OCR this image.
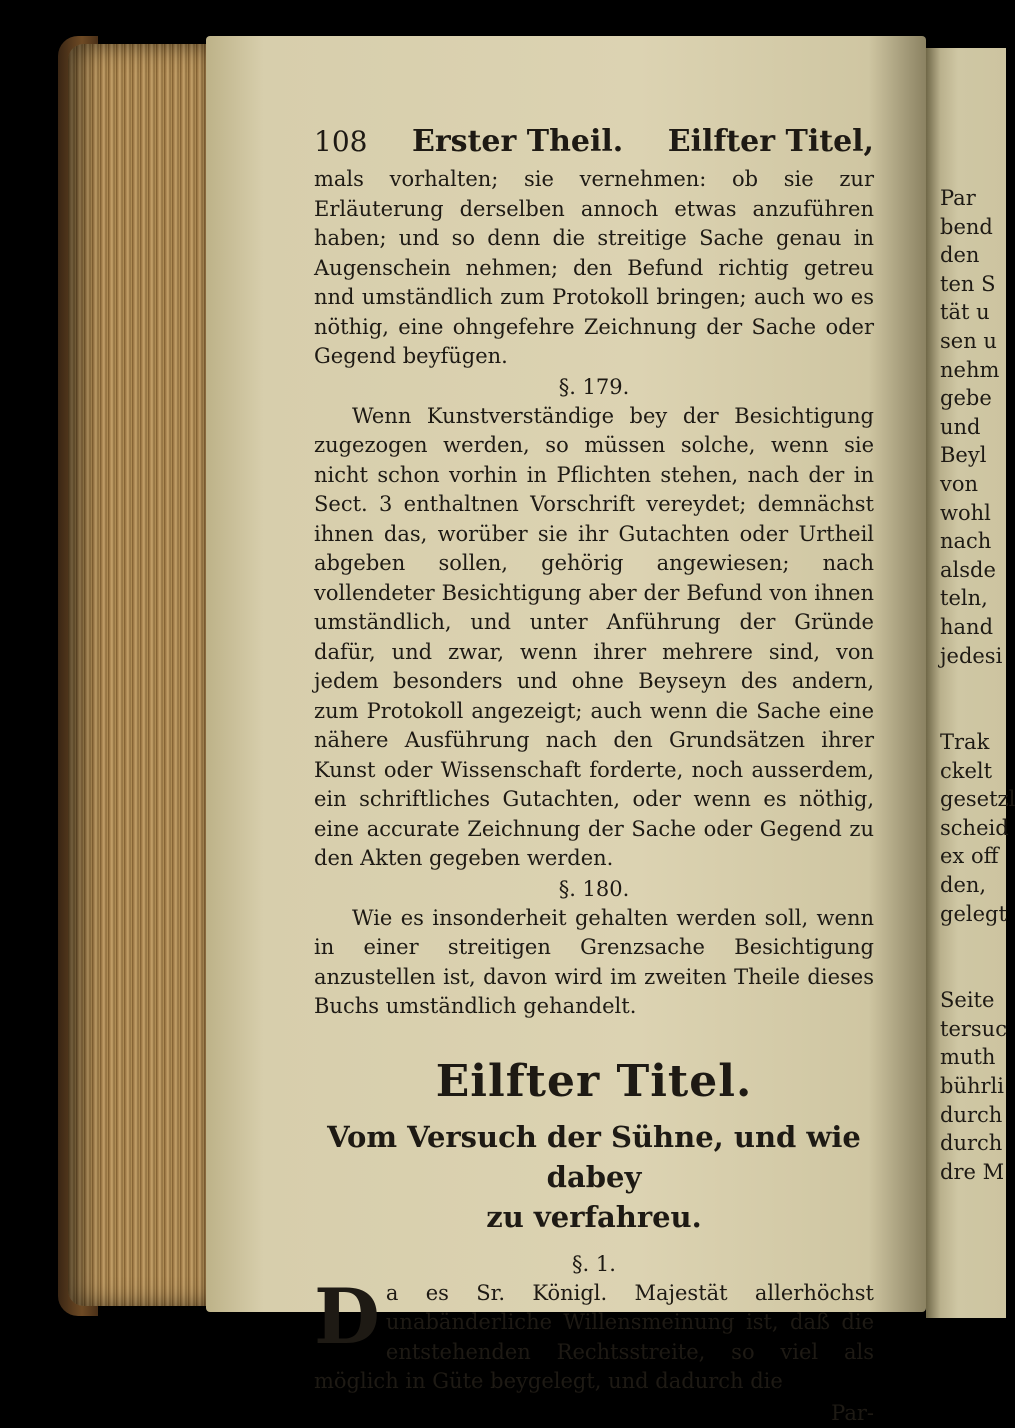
108 Erster Theil. Eilfter Titel,

mals vorhalten; sie vernehmen: ob sie zur Erläuterung derselben annoch etwas anzuführen haben; und so denn die streitige Sache genau in Augenschein nehmen; den Befund richtig getreu nnd umständlich zum Protokoll bringen; auch wo es nöthig, eine ohngefehre Zeichnung der Sache oder Gegend beyfügen.

§. 179.

Wenn Kunstverständige bey der Besichtigung zugezogen werden, so müssen solche, wenn sie nicht schon vorhin in Pflichten stehen, nach der in Sect. 3 enthaltnen Vorschrift vereydet; demnächst ihnen das, worüber sie ihr Gutachten oder Urtheil abgeben sollen, gehörig angewiesen; nach vollendeter Besichtigung aber der Befund von ihnen umständlich, und unter Anführung der Gründe dafür, und zwar, wenn ihrer mehrere sind, von jedem besonders und ohne Beyseyn des andern, zum Protokoll angezeigt; auch wenn die Sache eine nähere Ausführung nach den Grundsätzen ihrer Kunst oder Wissenschaft forderte, noch ausserdem, ein schriftliches Gutachten, oder wenn es nöthig, eine accurate Zeichnung der Sache oder Gegend zu den Akten gegeben werden.

§. 180.

Wie es insonderheit gehalten werden soll, wenn in einer streitigen Grenzsache Besichtigung anzustellen ist, davon wird im zweiten Theile dieses Buchs umständlich gehandelt.

Eilfter Titel.
Vom Versuch der Sühne, und wie dabey
zu verfahreu.

§. 1.

Da es Sr. Königl. Majestät allerhöchst unabänderliche Willensmeinung ist, daß die entstehenden Rechtsstreite, so viel als möglich in Güte beygelegt, und dadurch die

Par-

Par
bend
den
ten S
tät u
sen u
nehm
gebe
und
Beyl
von
wohl
nach
alsde
teln,
hand
jedesi
Trak
ckelt
gesetzl
scheid
ex off
den,
gelegt
Seite
tersuc
muth
bührli
durch
durch
dre M
